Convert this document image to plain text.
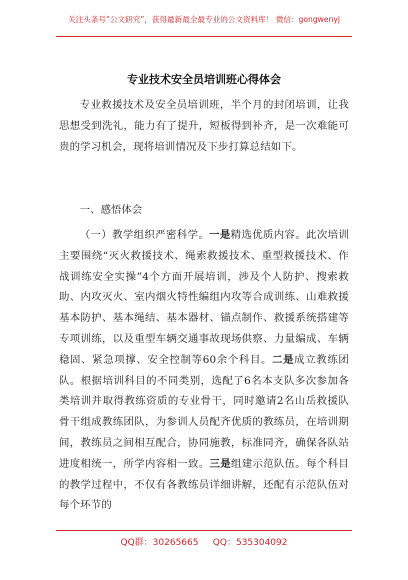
关注头条号“公文研究”，获得最新最全最专业的公文资料库！ 微信：gongwenyj
专业技术安全员培训班心得体会
专业救援技术及安全员培训班，半个月的封闭培训，让我思想受到洗礼，能力有了提升，短板得到补齐，是一次难能可贵的学习机会，现将培训情况及下步打算总结如下。
一、感悟体会
（一）教学组织严密科学。一是精选优质内容。此次培训主要围绕“灭火救援技术、绳索救援技术、重型救援技术、作战训练安全实操”4个方面开展培训，涉及个人防护、搜索救助、内攻灭火、室内烟火特性编组内攻等合成训练、山难救援基本防护、基本绳结、基本器材、锚点制作、救援系统搭建等专项训练，以及重型车辆交通事故现场供察、力量编成、车辆稳固、紧急项撑、安全控制等60余个科目。二是成立教练团队。根据培训科目的不同类别，选配了6名本支队多次参加各类培训并取得教练资质的专业骨干，同时邀请2名山岳救援队骨干组成教练团队，为参训人员配齐优质的教练员，在培训期间，教练员之间相互配合，协同施教，标准同齐，确保各队站进度相统一，所学内容相一致。三是组建示范队伍。每个科目的教学过程中，不仅有各教练员详细讲解，还配有示范队伍对每个环节的
QQ群：30265665     QQ：535304092
